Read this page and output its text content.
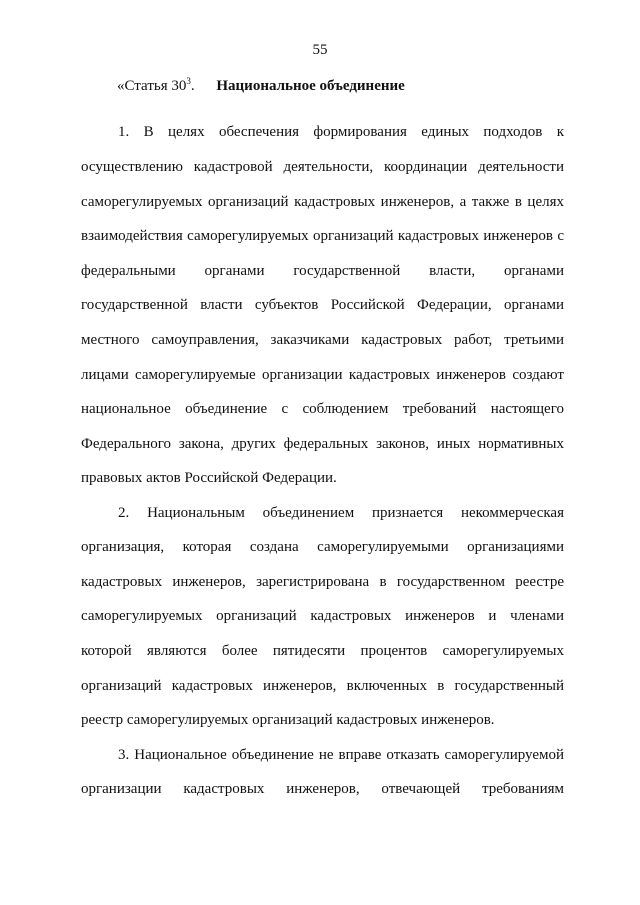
55
«Статья $30^3$. Национальное объединение
1. В целях обеспечения формирования единых подходов к
осуществлению кадастровой деятельности, координации деятельности
саморегулируемых организаций кадастровых инженеров, а также в целях
взаимодействия саморегулируемых организаций кадастровых инженеров с
федеральными органами государственной власти, органами
государственной власти субъектов Российской Федерации, органами
местного самоуправления, заказчиками кадастровых работ, третьими
лицами саморегулируемые организации кадастровых инженеров создают
национальное объединение с соблюдением требований настоящего
Федерального закона, других федеральных законов, иных нормативных
правовых актов Российской Федерации.
2. Национальным объединением признается некоммерческая
организация, которая создана саморегулируемыми организациями
кадастровых инженеров, зарегистрирована в государственном реестре
саморегулируемых организаций кадастровых инженеров и членами
которой являются более пятидесяти процентов саморегулируемых
организаций кадастровых инженеров, включенных в государственный
реестр саморегулируемых организаций кадастровых инженеров.
3. Национальное объединение не вправе отказать саморегулируемой
организации кадастровых инженеров, отвечающей требованиям
